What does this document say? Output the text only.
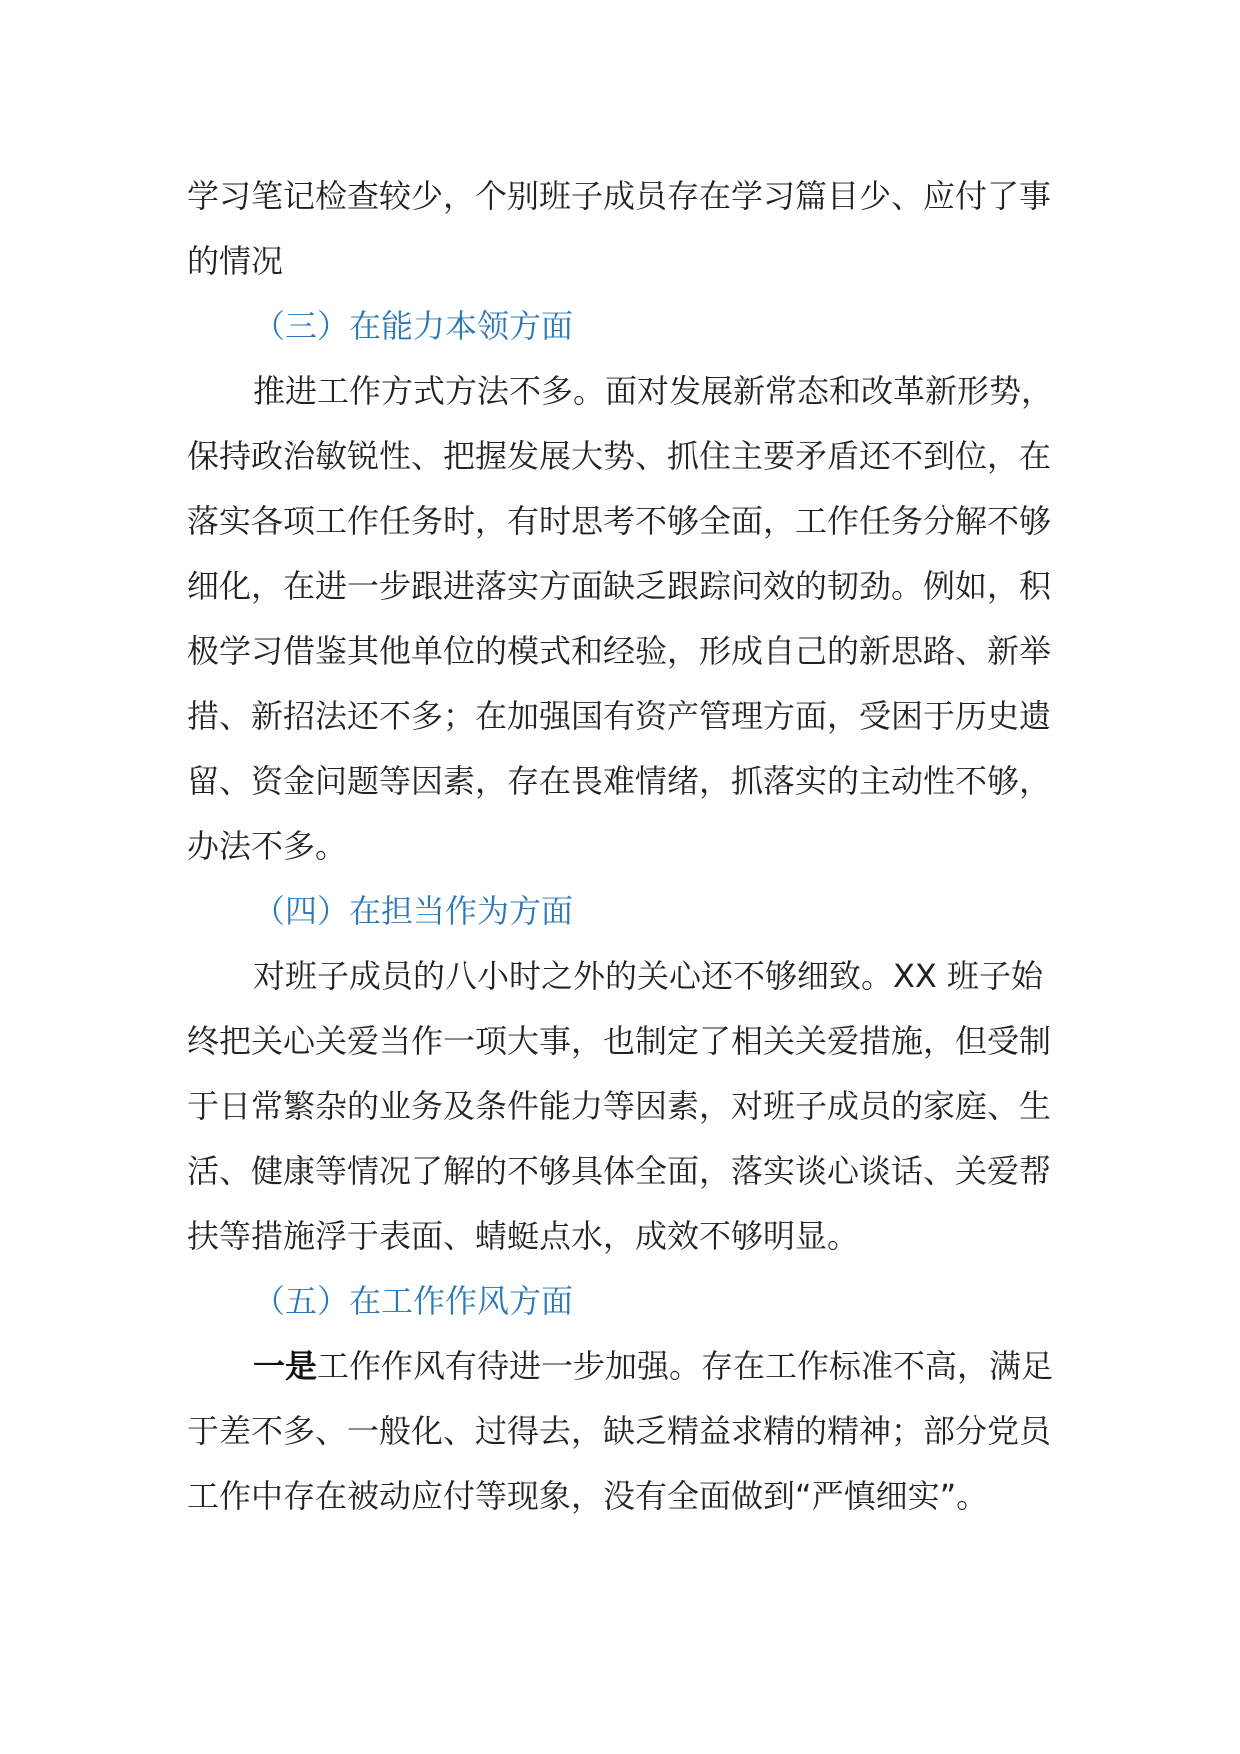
学习笔记检查较少，个别班子成员存在学习篇目少、应付了事的情况

（三）在能力本领方面

推进工作方式方法不多。面对发展新常态和改革新形势，保持政治敏锐性、把握发展大势、抓住主要矛盾还不到位，在落实各项工作任务时，有时思考不够全面，工作任务分解不够细化，在进一步跟进落实方面缺乏跟踪问效的韧劲。例如，积极学习借鉴其他单位的模式和经验，形成自己的新思路、新举措、新招法还不多；在加强国有资产管理方面，受困于历史遗留、资金问题等因素，存在畏难情绪，抓落实的主动性不够，办法不多。

（四）在担当作为方面

对班子成员的八小时之外的关心还不够细致。XX 班子始终把关心关爱当作一项大事，也制定了相关关爱措施，但受制于日常繁杂的业务及条件能力等因素，对班子成员的家庭、生活、健康等情况了解的不够具体全面，落实谈心谈话、关爱帮扶等措施浮于表面、蜻蜓点水，成效不够明显。

（五）在工作作风方面

一是工作作风有待进一步加强。存在工作标准不高，满足于差不多、一般化、过得去，缺乏精益求精的精神；部分党员工作中存在被动应付等现象，没有全面做到“严慎细实”。
